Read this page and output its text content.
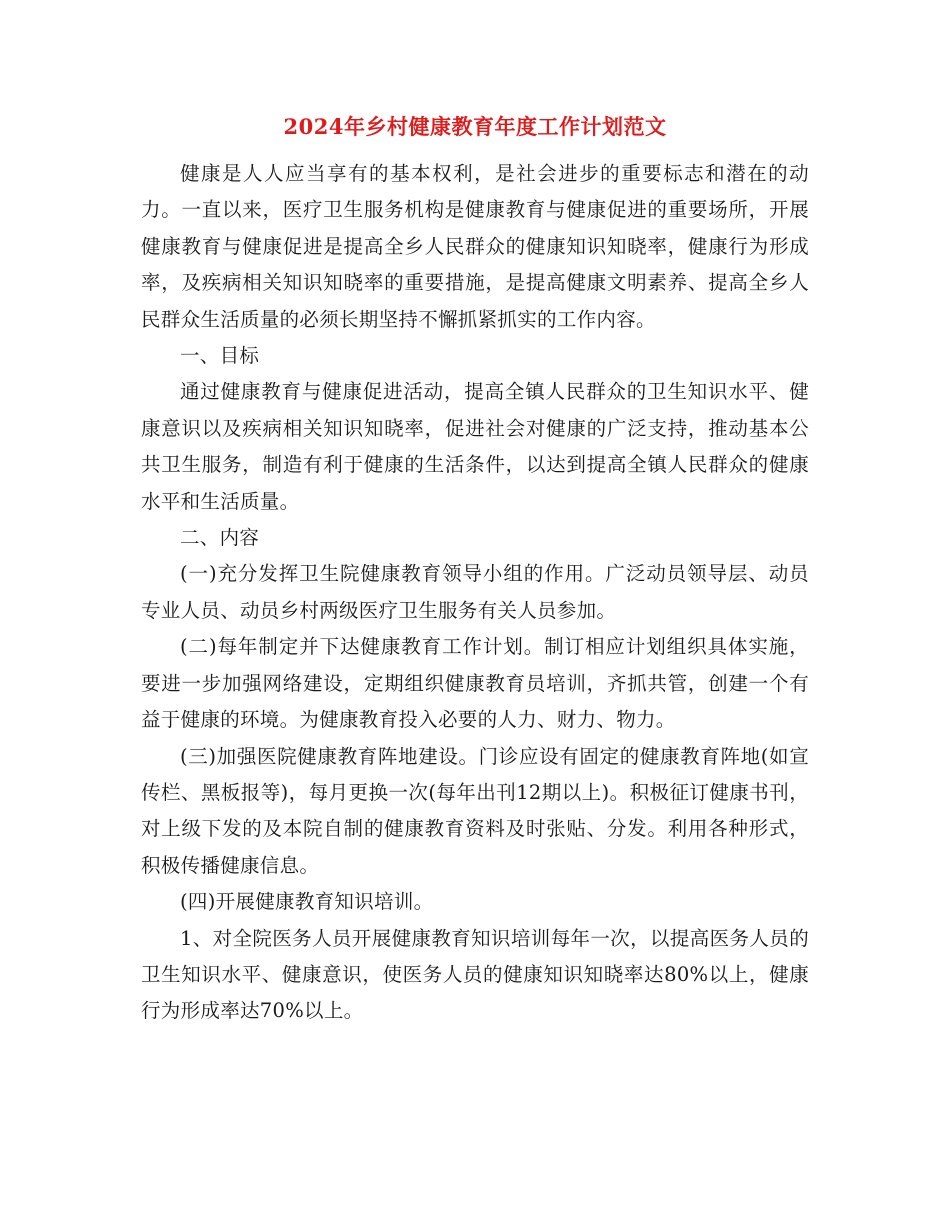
2024年乡村健康教育年度工作计划范文

健康是人人应当享有的基本权利，是社会进步的重要标志和潜在的动力。一直以来，医疗卫生服务机构是健康教育与健康促进的重要场所，开展健康教育与健康促进是提高全乡人民群众的健康知识知晓率，健康行为形成率，及疾病相关知识知晓率的重要措施，是提高健康文明素养、提高全乡人民群众生活质量的必须长期坚持不懈抓紧抓实的工作内容。

一、目标

通过健康教育与健康促进活动，提高全镇人民群众的卫生知识水平、健康意识以及疾病相关知识知晓率，促进社会对健康的广泛支持，推动基本公共卫生服务，制造有利于健康的生活条件，以达到提高全镇人民群众的健康水平和生活质量。

二、内容

(一)充分发挥卫生院健康教育领导小组的作用。广泛动员领导层、动员专业人员、动员乡村两级医疗卫生服务有关人员参加。

(二)每年制定并下达健康教育工作计划。制订相应计划组织具体实施，要进一步加强网络建设，定期组织健康教育员培训，齐抓共管，创建一个有益于健康的环境。为健康教育投入必要的人力、财力、物力。

(三)加强医院健康教育阵地建设。门诊应设有固定的健康教育阵地(如宣传栏、黑板报等)，每月更换一次(每年出刊12期以上)。积极征订健康书刊，对上级下发的及本院自制的健康教育资料及时张贴、分发。利用各种形式，积极传播健康信息。

(四)开展健康教育知识培训。

1、对全院医务人员开展健康教育知识培训每年一次，以提高医务人员的卫生知识水平、健康意识，使医务人员的健康知识知晓率达80%以上，健康行为形成率达70%以上。
